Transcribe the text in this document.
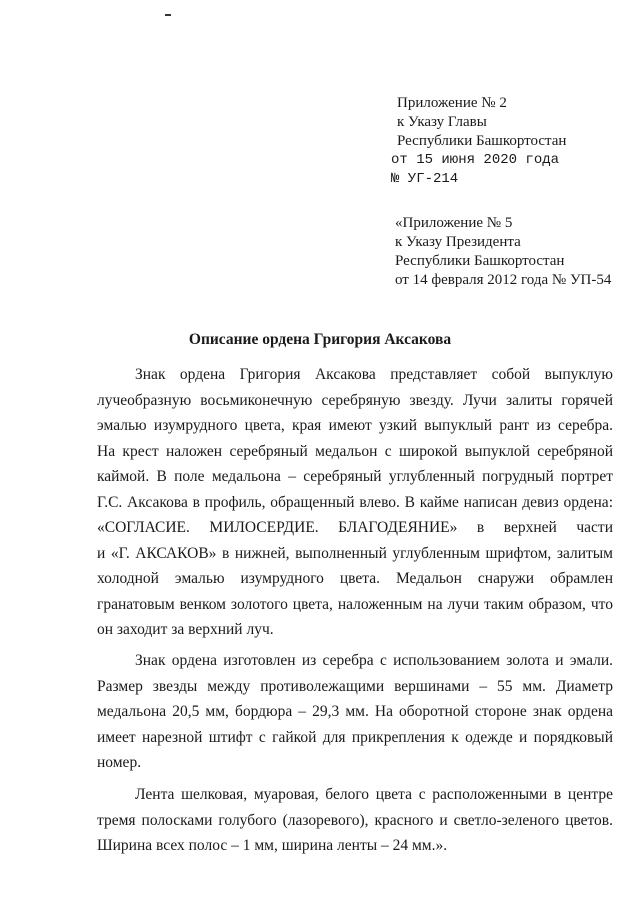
Приложение № 2
к Указу Главы
Республики Башкортостан
от 15 июня 2020 года
№ УГ-214
«Приложение № 5
к Указу Президента
Республики Башкортостан
от 14 февраля 2012 года № УП-54
Описание ордена Григория Аксакова
Знак ордена Григория Аксакова представляет собой выпуклую
лучеобразную восьмиконечную серебряную звезду. Лучи залиты горячей
эмалью изумрудного цвета, края имеют узкий выпуклый рант из серебра.
На крест наложен серебряный медальон с широкой выпуклой серебряной
каймой. В поле медальона – серебряный углубленный погрудный портрет
Г.С. Аксакова в профиль, обращенный влево. В кайме написан девиз ордена:
«СОГЛАСИЕ. МИЛОСЕРДИЕ. БЛАГОДЕЯНИЕ» в верхней части
и «Г. АКСАКОВ» в нижней, выполненный углубленным шрифтом, залитым
холодной эмалью изумрудного цвета. Медальон снаружи обрамлен
гранатовым венком золотого цвета, наложенным на лучи таким образом, что
он заходит за верхний луч.
Знак ордена изготовлен из серебра с использованием золота и эмали.
Размер звезды между противолежащими вершинами – 55 мм. Диаметр
медальона 20,5 мм, бордюра – 29,3 мм. На оборотной стороне знак ордена
имеет нарезной штифт с гайкой для прикрепления к одежде и порядковый
номер.
Лента шелковая, муаровая, белого цвета с расположенными в центре
тремя полосками голубого (лазоревого), красного и светло-зеленого цветов.
Ширина всех полос – 1 мм, ширина ленты – 24 мм.».
